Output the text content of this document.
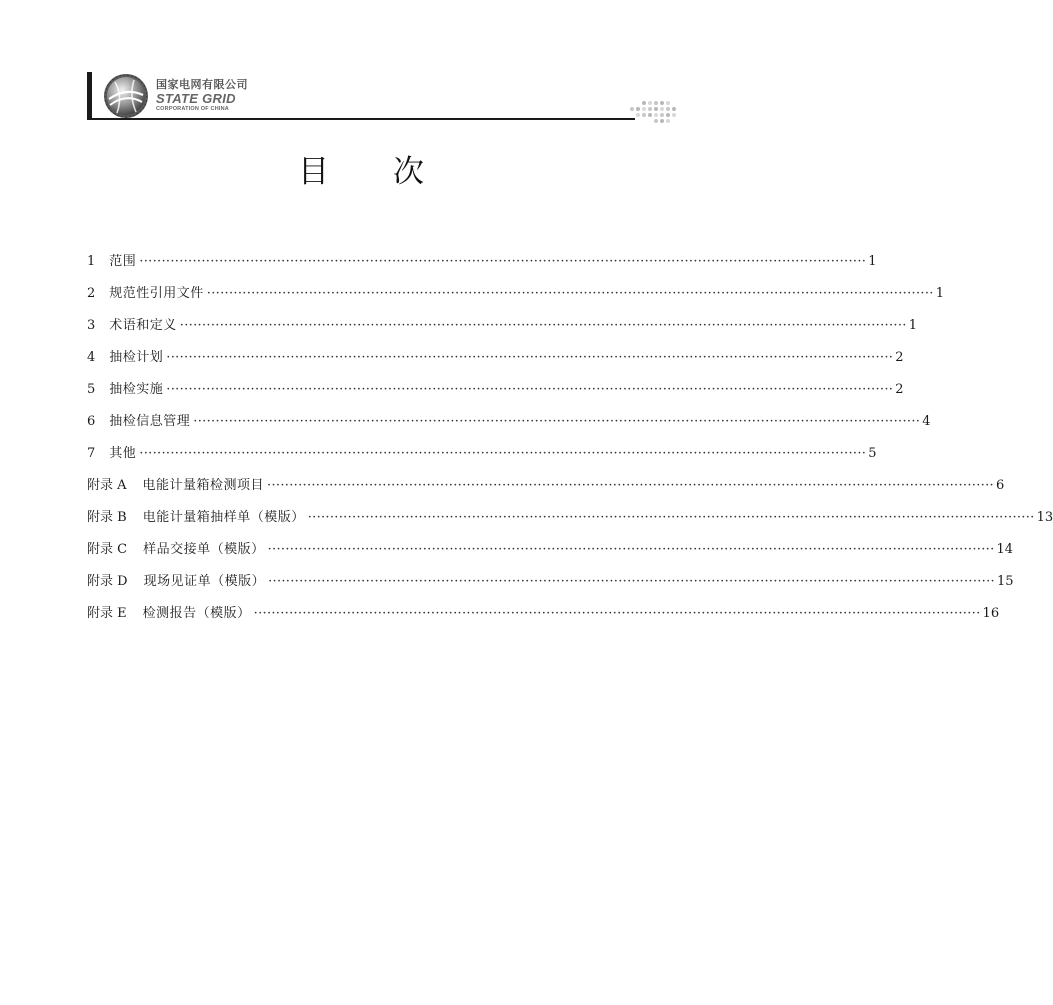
国家电网有限公司
STATE GRID
CORPORATION OF CHINA
目次
1 范围 ···································································································································································· 1
2 规范性引用文件 ···································································································································································· 1
3 术语和定义 ···································································································································································· 1
4 抽检计划 ···································································································································································· 2
5 抽检实施 ···································································································································································· 2
6 抽检信息管理 ···································································································································································· 4
7 其他 ···································································································································································· 5
附录 A 电能计量箱检测项目 ···································································································································································· 6
附录 B 电能计量箱抽样单（模版） ···································································································································································· 13
附录 C 样品交接单（模版） ···································································································································································· 14
附录 D 现场见证单（模版） ···································································································································································· 15
附录 E 检测报告（模版） ···································································································································································· 16
